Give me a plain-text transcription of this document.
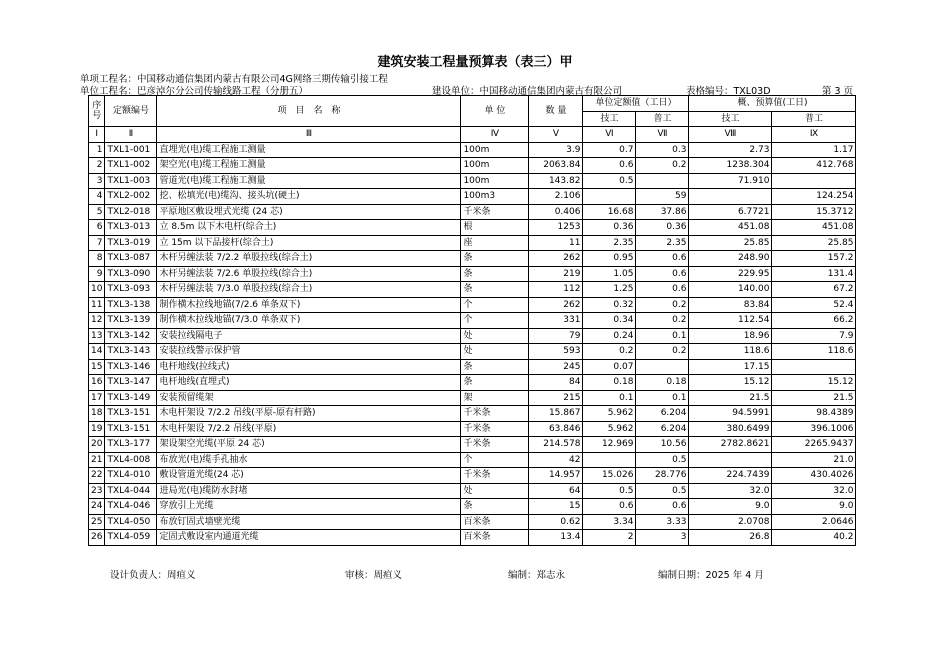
建筑安装工程量预算表（表三）甲
单项工程名：中国移动通信集团内蒙古有限公司4G网络三期传输引接工程
单位工程名：巴彦淖尔分公司传输线路工程（分册五）	建设单位：中国移动通信集团内蒙古有限公司	表格编号：TXL03D	第 3 页
序号	定额编号	项　目　名　称	单 位	数 量	单位定额值（工日）		概、预算值(工日)	
					技工	普工	技工	普工
Ⅰ	Ⅱ	Ⅲ	Ⅳ	Ⅴ	Ⅵ	Ⅶ	Ⅷ	Ⅸ
1	TXL1-001	直埋光(电)缆工程施工测量	100m	3.9	0.7	0.3	2.73	1.17
2	TXL1-002	架空光(电)缆工程施工测量	100m	2063.84	0.6	0.2	1238.304	412.768
3	TXL1-003	管道光(电)缆工程施工测量	100m	143.82	0.5		71.910	
4	TXL2-002	挖、松填光(电)缆沟、接头坑(硬土)	100m3	2.106		59		124.254
5	TXL2-018	平原地区敷设埋式光缆 (24 芯)	千米条	0.406	16.68	37.86	6.7721	15.3712
6	TXL3-013	立 8.5m 以下木电杆(综合土)	根	1253	0.36	0.36	451.08	451.08
7	TXL3-019	立 15m 以下品接杆(综合土)	座	11	2.35	2.35	25.85	25.85
8	TXL3-087	木杆另缠法装 7/2.2 单股拉线(综合土)	条	262	0.95	0.6	248.90	157.2
9	TXL3-090	木杆另缠法装 7/2.6 单股拉线(综合土)	条	219	1.05	0.6	229.95	131.4
10	TXL3-093	木杆另缠法装 7/3.0 单股拉线(综合土)	条	112	1.25	0.6	140.00	67.2
11	TXL3-138	制作横木拉线地锚(7/2.6 单条双下)	个	262	0.32	0.2	83.84	52.4
12	TXL3-139	制作横木拉线地锚(7/3.0 单条双下)	个	331	0.34	0.2	112.54	66.2
13	TXL3-142	安装拉线隔电子	处	79	0.24	0.1	18.96	7.9
14	TXL3-143	安装拉线警示保护管	处	593	0.2	0.2	118.6	118.6
15	TXL3-146	电杆地线(拉线式)	条	245	0.07		17.15	
16	TXL3-147	电杆地线(直埋式)	条	84	0.18	0.18	15.12	15.12
17	TXL3-149	安装预留缆架	架	215	0.1	0.1	21.5	21.5
18	TXL3-151	木电杆架设 7/2.2 吊线(平原-原有杆路)	千米条	15.867	5.962	6.204	94.5991	98.4389
19	TXL3-151	木电杆架设 7/2.2 吊线(平原)	千米条	63.846	5.962	6.204	380.6499	396.1006
20	TXL3-177	架设架空光缆(平原 24 芯)	千米条	214.578	12.969	10.56	2782.8621	2265.9437
21	TXL4-008	布放光(电)缆手孔抽水	个	42		0.5		21.0
22	TXL4-010	敷设管道光缆(24 芯)	千米条	14.957	15.026	28.776	224.7439	430.4026
23	TXL4-044	进局光(电)缆防水封堵	处	64	0.5	0.5	32.0	32.0
24	TXL4-046	穿放引上光缆	条	15	0.6	0.6	9.0	9.0
25	TXL4-050	布放钉固式墙壁光缆	百米条	0.62	3.34	3.33	2.0708	2.0646
26	TXL4-059	定固式敷设室内通道光缆	百米条	13.4	2	3	26.8	40.2
设计负责人：周疸义	审核：周疸义	编制：郑志永	编制日期：2025 年 4 月
